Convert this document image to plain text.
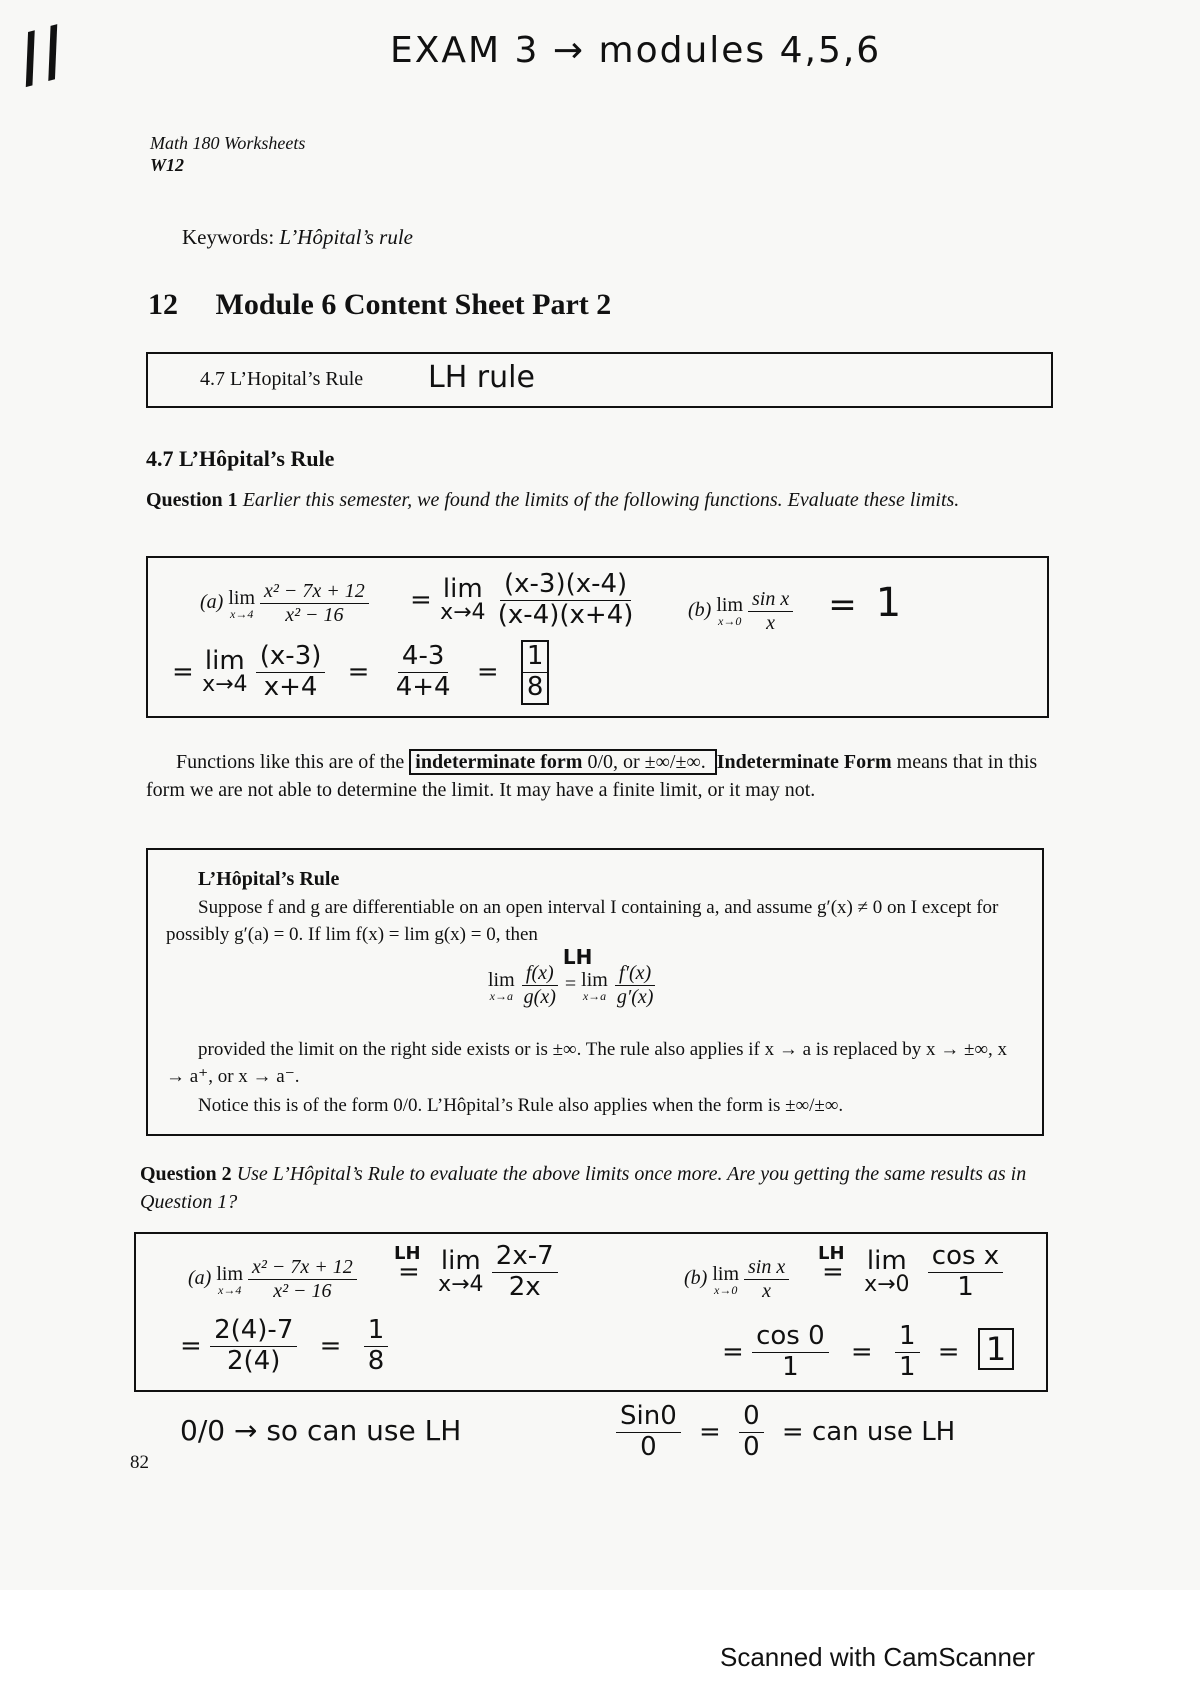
//	EXAM 3 → modules 4,5,6
Math 180 Worksheets
W12
Keywords: L’Hôpital’s rule
12 Module 6 Content Sheet Part 2
4.7 L’Hopital’s Rule LH rule
4.7 L’Hôpital’s Rule
Question 1 Earlier this semester, we found the limits of the following functions. Evaluate these limits.
(a) lim
x→4
$\frac{\text{x² − 7x + 12}}{\text{x² − 16}} = \lim$
x→4
$\frac{(x-3)(x-4)}{(x-4)(x+4)}$
= lim
x→4
$\frac{(x-3)}{x+4} = \frac{4-3}{4+4} = \frac{1}{8}$
(b) lim
x→0
$\frac{\text{sin x}}{x} = 1$
Functions like this are of the indeterminate form 0/0, or ±∞/±∞. Indeterminate Form means that in this form we are not able to determine the limit. It may have a finite limit, or it may not.
L’Hôpital’s Rule
Suppose f and g are differentiable on an open interval I containing a, and assume g′(x) ≠ 0 on I except for possibly g′(a) = 0. If lim f(x) = lim g(x) = 0, then
lim
x→a
$\frac{f(x)}{g(x)}$

LH
= lim
x→a
$\frac{f'(x)}{g'(x)}$
provided the limit on the right side exists or is ±∞. The rule also applies if x → a is replaced by x → ±∞, x → a⁺, or x → a⁻.
Notice this is of the form 0/0. L’Hôpital’s Rule also applies when the form is ±∞/±∞.
Question 2 Use L’Hôpital’s Rule to evaluate the above limits once more. Are you getting the same results as in Question 1?
(a) lim
x→4
$\frac{\text{x² − 7x + 12}}{\text{x² − 16}}$
LH
= lim
x→4
$\frac{2x-7}{2x}$
= $\frac{2(4)-7}{2(4)} = \frac{1}{8}$
(b) lim
x→0
$\frac{\text{sin x}}{x}$
LH
= lim
x→0
$\frac{\text{cos x}}{1}$
= $\frac{\cos 0}{1} = \frac{1}{1} = 1$
0/0 → so can use LH	$\frac{\text{Sin0}}{0} = \frac{0}{0}$ = can use LH
82
Scanned with CamScanner
